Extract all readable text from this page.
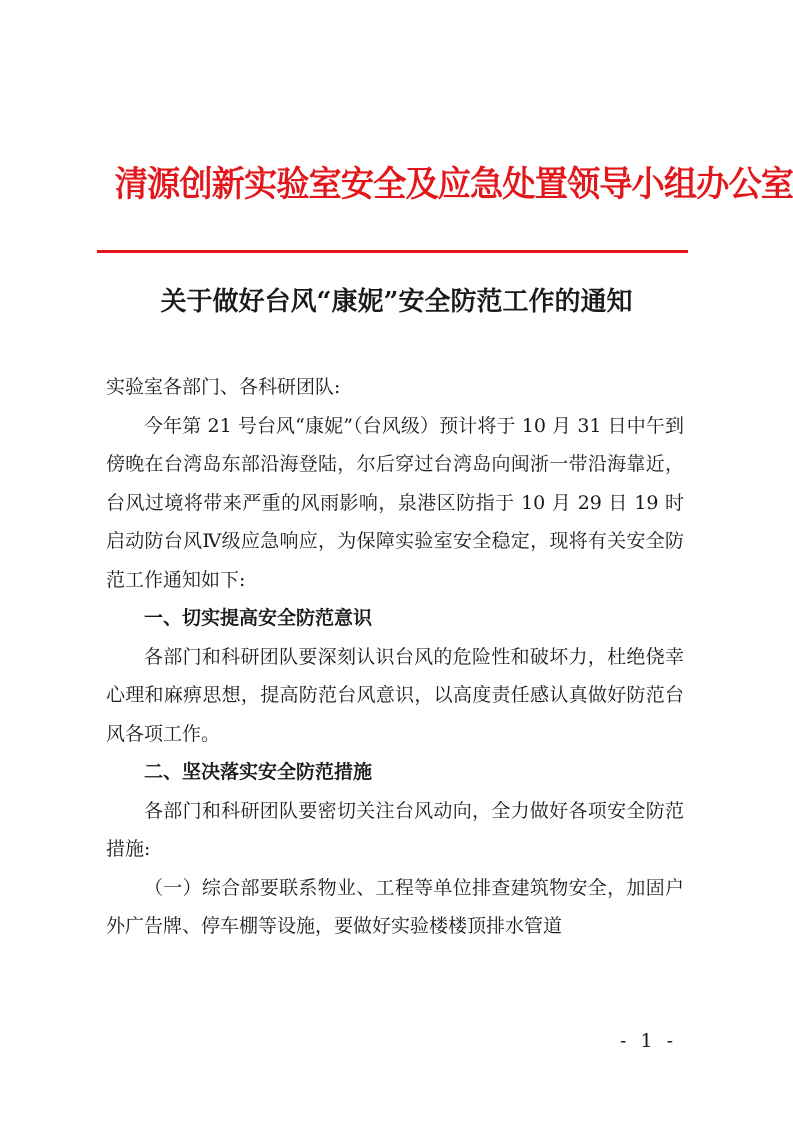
清源创新实验室安全及应急处置领导小组办公室
关于做好台风“康妮”安全防范工作的通知

实验室各部门、各科研团队:

今年第 21 号台风“康妮”（台风级）预计将于 10 月 31 日中午到傍晚在台湾岛东部沿海登陆，尔后穿过台湾岛向闽浙一带沿海靠近，台风过境将带来严重的风雨影响，泉港区防指于 10 月 29 日 19 时启动防台风Ⅳ级应急响应，为保障实验室安全稳定，现将有关安全防范工作通知如下:

一、切实提高安全防范意识

各部门和科研团队要深刻认识台风的危险性和破坏力，杜绝侥幸心理和麻痹思想，提高防范台风意识，以高度责任感认真做好防范台风各项工作。

二、坚决落实安全防范措施

各部门和科研团队要密切关注台风动向，全力做好各项安全防范措施:

（一）综合部要联系物业、工程等单位排查建筑物安全，加固户外广告牌、停车棚等设施，要做好实验楼楼顶排水管道

- 1 -
